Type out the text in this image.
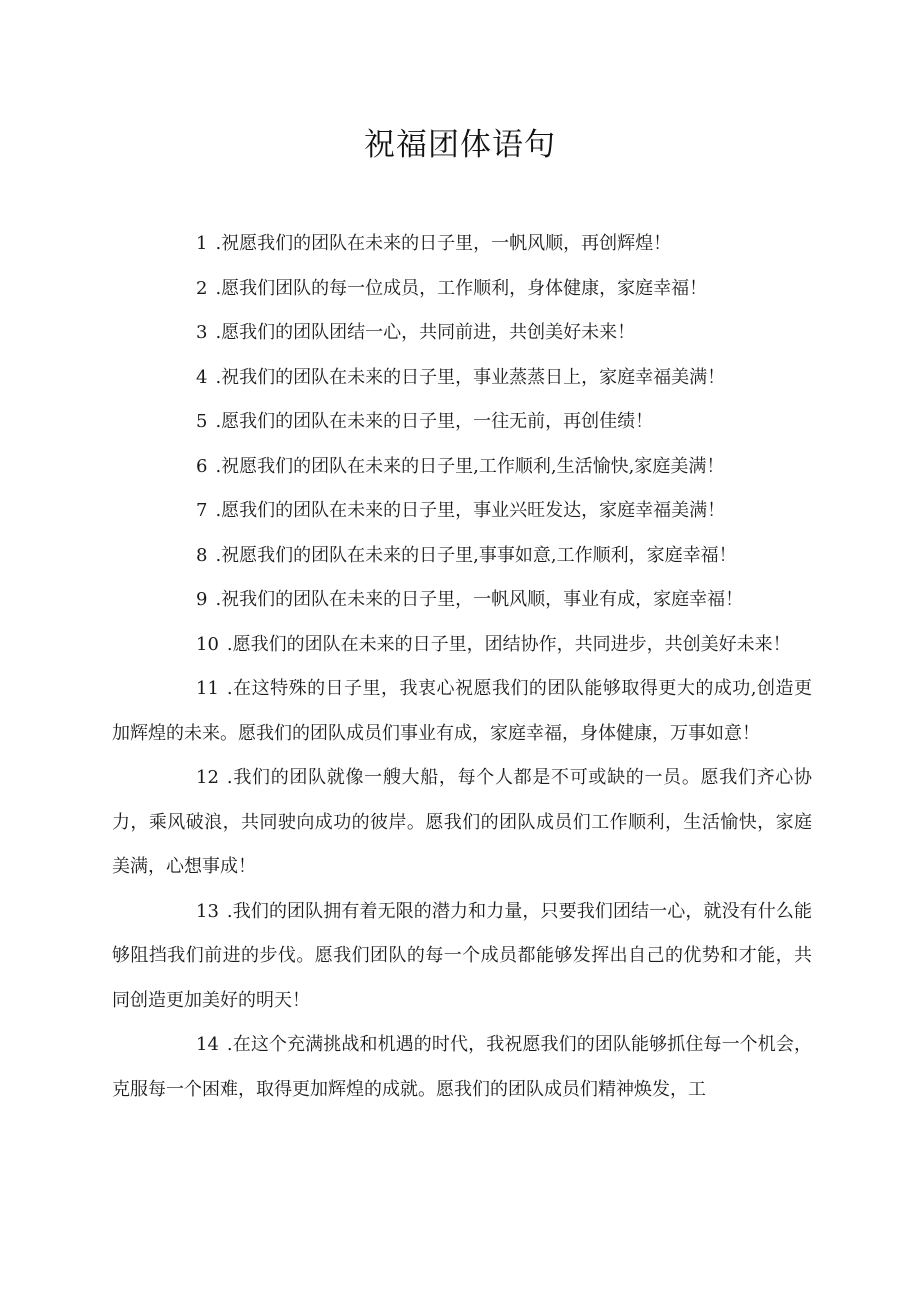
祝福团体语句

1 .祝愿我们的团队在未来的日子里，一帆风顺，再创辉煌！

2 .愿我们团队的每一位成员，工作顺利，身体健康，家庭幸福！

3 .愿我们的团队团结一心，共同前进，共创美好未来！

4 .祝我们的团队在未来的日子里，事业蒸蒸日上，家庭幸福美满！

5 .愿我们的团队在未来的日子里，一往无前，再创佳绩！

6 .祝愿我们的团队在未来的日子里,工作顺利,生活愉快,家庭美满！

7 .愿我们的团队在未来的日子里，事业兴旺发达，家庭幸福美满！

8 .祝愿我们的团队在未来的日子里,事事如意,工作顺利，家庭幸福！

9 .祝我们的团队在未来的日子里，一帆风顺，事业有成，家庭幸福！

10 .愿我们的团队在未来的日子里，团结协作，共同进步，共创美好未来！

11 .在这特殊的日子里，我衷心祝愿我们的团队能够取得更大的成功,创造更加辉煌的未来。愿我们的团队成员们事业有成，家庭幸福，身体健康，万事如意！

12 .我们的团队就像一艘大船，每个人都是不可或缺的一员。愿我们齐心协力，乘风破浪，共同驶向成功的彼岸。愿我们的团队成员们工作顺利，生活愉快，家庭美满，心想事成！

13 .我们的团队拥有着无限的潜力和力量，只要我们团结一心，就没有什么能够阻挡我们前进的步伐。愿我们团队的每一个成员都能够发挥出自己的优势和才能，共同创造更加美好的明天！

14 .在这个充满挑战和机遇的时代，我祝愿我们的团队能够抓住每一个机会，克服每一个困难，取得更加辉煌的成就。愿我们的团队成员们精神焕发，工
